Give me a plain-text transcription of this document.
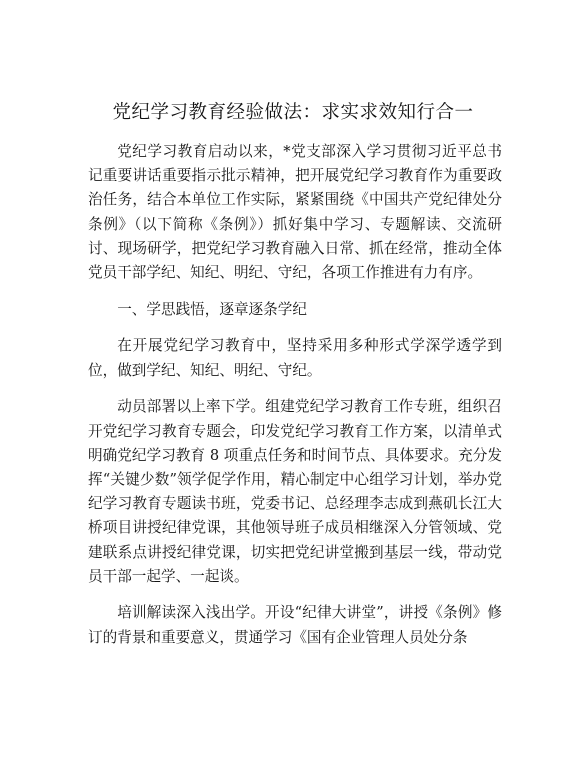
党纪学习教育经验做法：求实求效知行合一

党纪学习教育启动以来，*党支部深入学习贯彻习近平总书记重要讲话重要指示批示精神，把开展党纪学习教育作为重要政治任务，结合本单位工作实际，紧紧围绕《中国共产党纪律处分条例》（以下简称《条例》）抓好集中学习、专题解读、交流研讨、现场研学，把党纪学习教育融入日常、抓在经常，推动全体党员干部学纪、知纪、明纪、守纪，各项工作推进有力有序。

一、学思践悟，逐章逐条学纪

在开展党纪学习教育中，坚持采用多种形式学深学透学到位，做到学纪、知纪、明纪、守纪。

动员部署以上率下学。组建党纪学习教育工作专班，组织召开党纪学习教育专题会，印发党纪学习教育工作方案，以清单式明确党纪学习教育 8 项重点任务和时间节点、具体要求。充分发挥“关键少数”领学促学作用，精心制定中心组学习计划，举办党纪学习教育专题读书班，党委书记、总经理李志成到燕矶长江大桥项目讲授纪律党课，其他领导班子成员相继深入分管领域、党建联系点讲授纪律党课，切实把党纪讲堂搬到基层一线，带动党员干部一起学、一起谈。

培训解读深入浅出学。开设“纪律大讲堂”，讲授《条例》修订的背景和重要意义，贯通学习《国有企业管理人员处分条
